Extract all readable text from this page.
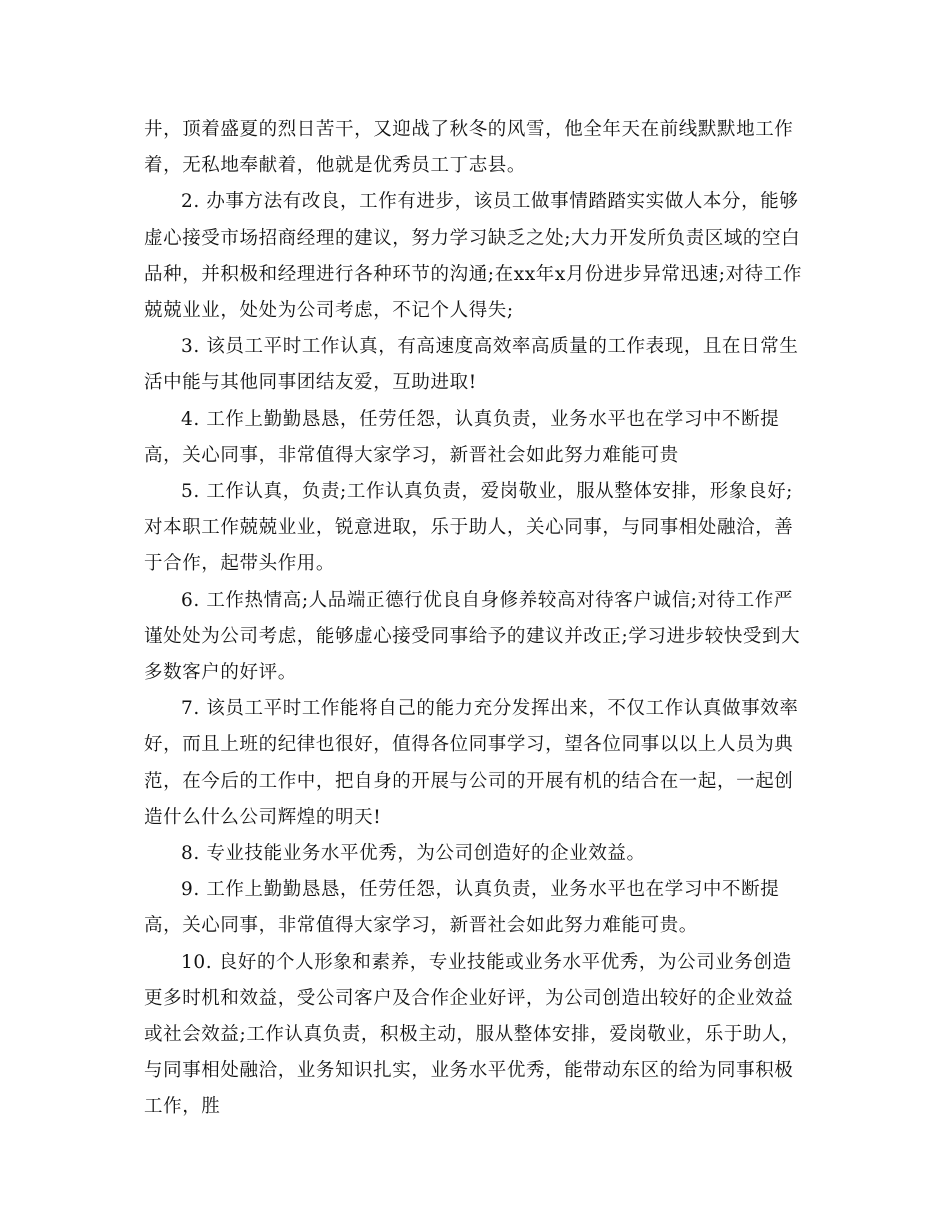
井，顶着盛夏的烈日苦干，又迎战了秋冬的风雪，他全年天在前线默默地工作着，无私地奉献着，他就是优秀员工丁志县。

2. 办事方法有改良，工作有进步，该员工做事情踏踏实实做人本分，能够虚心接受市场招商经理的建议，努力学习缺乏之处;大力开发所负责区域的空白品种，并积极和经理进行各种环节的沟通;在xx年x月份进步异常迅速;对待工作兢兢业业，处处为公司考虑，不记个人得失;

3. 该员工平时工作认真，有高速度高效率高质量的工作表现，且在日常生活中能与其他同事团结友爱，互助进取!

4. 工作上勤勤恳恳，任劳任怨，认真负责，业务水平也在学习中不断提高，关心同事，非常值得大家学习，新晋社会如此努力难能可贵

5. 工作认真，负责;工作认真负责，爱岗敬业，服从整体安排，形象良好;对本职工作兢兢业业，锐意进取，乐于助人，关心同事，与同事相处融洽，善于合作，起带头作用。

6. 工作热情高;人品端正德行优良自身修养较高对待客户诚信;对待工作严谨处处为公司考虑，能够虚心接受同事给予的建议并改正;学习进步较快受到大多数客户的好评。

7. 该员工平时工作能将自己的能力充分发挥出来，不仅工作认真做事效率好，而且上班的纪律也很好，值得各位同事学习，望各位同事以以上人员为典范，在今后的工作中，把自身的开展与公司的开展有机的结合在一起，一起创造什么什么公司辉煌的明天!

8. 专业技能业务水平优秀，为公司创造好的企业效益。

9. 工作上勤勤恳恳，任劳任怨，认真负责，业务水平也在学习中不断提高，关心同事，非常值得大家学习，新晋社会如此努力难能可贵。

10. 良好的个人形象和素养，专业技能或业务水平优秀，为公司业务创造更多时机和效益，受公司客户及合作企业好评，为公司创造出较好的企业效益或社会效益;工作认真负责，积极主动，服从整体安排，爱岗敬业，乐于助人，与同事相处融洽，业务知识扎实，业务水平优秀，能带动东区的给为同事积极工作，胜
